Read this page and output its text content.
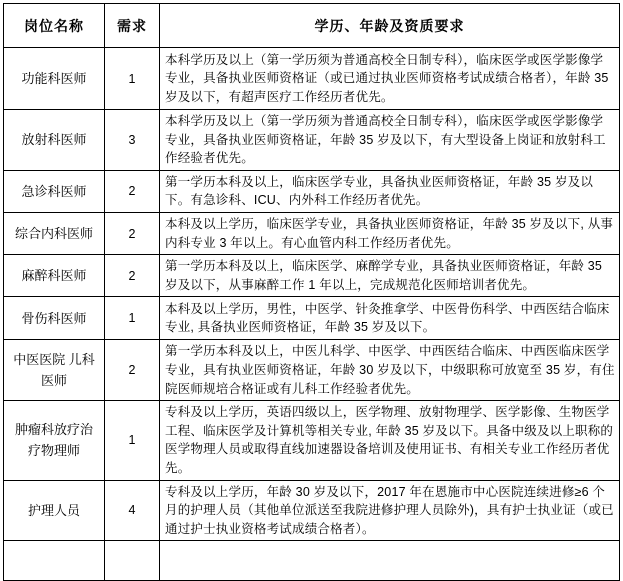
岗位名称	需求	学历、年龄及资质要求
功能科医师	1	本科学历及以上（第一学历须为普通高校全日制专科），临床医学或医学影像学专业，具备执业医师资格证（或已通过执业医师资格考试成绩合格者），年龄 35 岁及以下，有超声医疗工作经历者优先。
放射科医师	3	本科学历及以上（第一学历须为普通高校全日制专科），临床医学或医学影像学专业，具备执业医师资格证，年龄 35 岁及以下，有大型设备上岗证和放射科工作经验者优先。
急诊科医师	2	第一学历本科及以上，临床医学专业，具备执业医师资格证，年龄 35 岁及以下。有急诊科、ICU、内外科工作经历者优先。
综合内科医师	2	本科及以上学历，临床医学专业，具备执业医师资格证，年龄 35 岁及以下, 从事内科专业 3 年以上。有心血管内科工作经历者优先。
麻醉科医师	2	第一学历本科及以上，临床医学、麻醉学专业，具备执业医师资格证，年龄 35 岁及以下，从事麻醉工作 1 年以上，完成规范化医师培训者优先。
骨伤科医师	1	本科及以上学历，男性，中医学、针灸推拿学、中医骨伤科学、中西医结合临床专业, 具备执业医师资格证，年龄 35 岁及以下。
中医医院 儿科医师	2	第一学历本科及以上，中医儿科学、中医学、中西医结合临床、中西医临床医学专业，具有执业医师资格证，年龄 30 岁及以下，中级职称可放宽至 35 岁，有住院医师规培合格证或有儿科工作经验者优先。
肿瘤科放疗治疗物理师	1	专科及以上学历，英语四级以上，医学物理、放射物理学、医学影像、生物医学工程、临床医学及计算机等相关专业, 年龄 35 岁及以下。具备中级及以上职称的医学物理人员或取得直线加速器设备培训及使用证书、有相关专业工作经历者优先。
护理人员	4	专科及以上学历，年龄 30 岁及以下，2017 年在恩施市中心医院连续进修≥6 个月的护理人员（其他单位派送至我院进修护理人员除外)，具有护士执业证（或已通过护士执业资格考试成绩合格者）。
